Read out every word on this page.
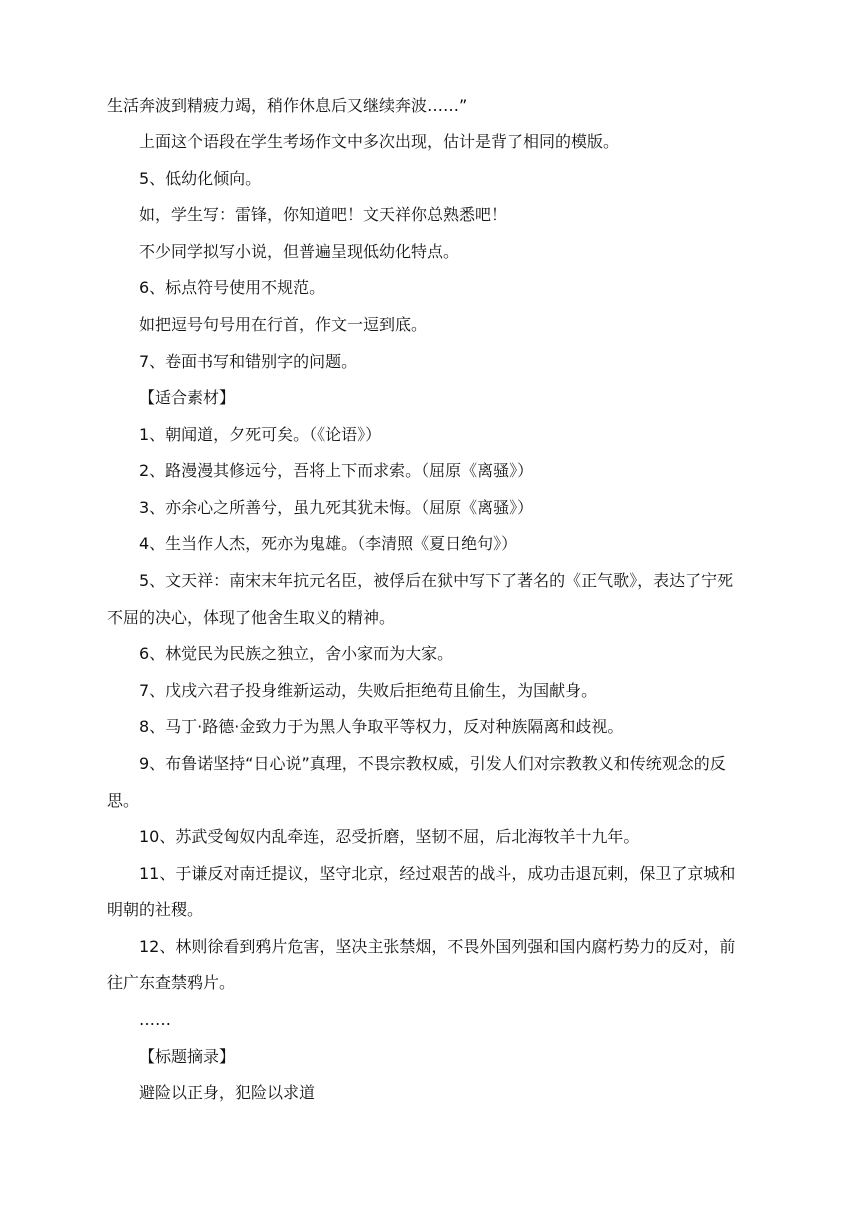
生活奔波到精疲力竭，稍作休息后又继续奔波……”
上面这个语段在学生考场作文中多次出现，估计是背了相同的模版。
5、低幼化倾向。
如，学生写：雷锋，你知道吧！文天祥你总熟悉吧！
不少同学拟写小说，但普遍呈现低幼化特点。
6、标点符号使用不规范。
如把逗号句号用在行首，作文一逗到底。
7、卷面书写和错别字的问题。
【适合素材】
1、朝闻道，夕死可矣。（《论语》）
2、路漫漫其修远兮，吾将上下而求索。（屈原《离骚》）
3、亦余心之所善兮，虽九死其犹未悔。（屈原《离骚》）
4、生当作人杰，死亦为鬼雄。（李清照《夏日绝句》）
5、文天祥：南宋末年抗元名臣，被俘后在狱中写下了著名的《正气歌》，表达了宁死
不屈的决心，体现了他舍生取义的精神。
6、林觉民为民族之独立，舍小家而为大家。
7、戊戌六君子投身维新运动，失败后拒绝苟且偷生，为国献身。
8、马丁·路德·金致力于为黑人争取平等权力，反对种族隔离和歧视。
9、布鲁诺坚持“日心说”真理，不畏宗教权威，引发人们对宗教教义和传统观念的反
思。
10、苏武受匈奴内乱牵连，忍受折磨，坚韧不屈，后北海牧羊十九年。
11、于谦反对南迁提议，坚守北京，经过艰苦的战斗，成功击退瓦剌，保卫了京城和
明朝的社稷。
12、林则徐看到鸦片危害，坚决主张禁烟，不畏外国列强和国内腐朽势力的反对，前
往广东查禁鸦片。
……
【标题摘录】
避险以正身，犯险以求道
